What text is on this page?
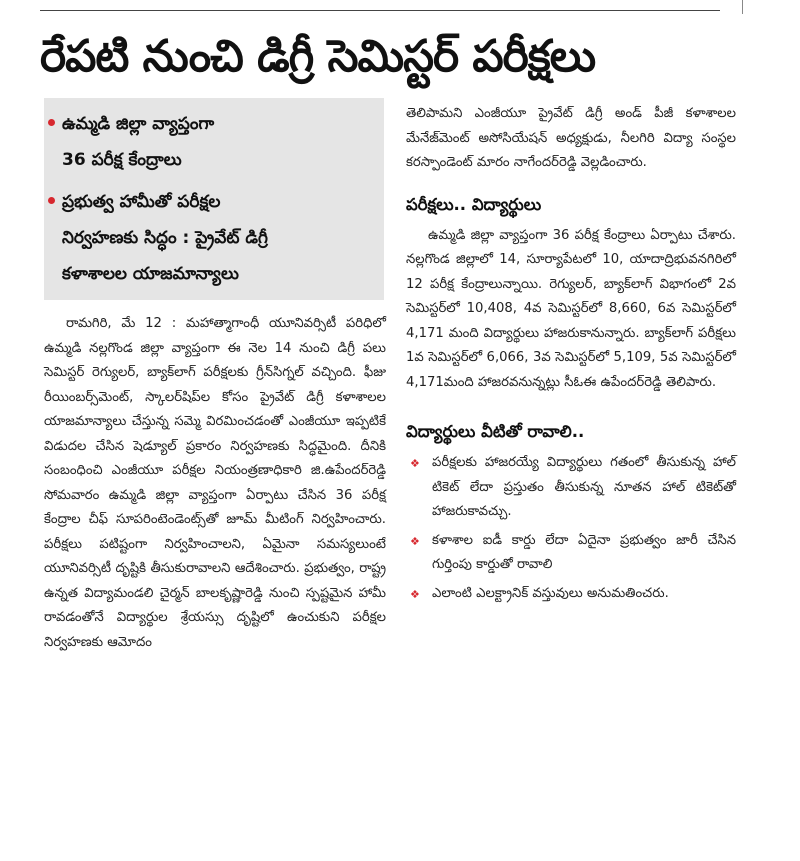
రేపటి నుంచి డిగ్రీ సెమిస్టర్ పరీక్షలు
ఉమ్మడి జిల్లా వ్యాప్తంగా
36 పరీక్ష కేంద్రాలు
ప్రభుత్వ హామీతో పరీక్షల
నిర్వహణకు సిద్ధం : ప్రైవేట్ డిగ్రీ
కళాశాలల యాజమాన్యాలు
రామగిరి, మే 12 : మహాత్మాగాంధీ యూనివర్సిటీ పరిధిలో ఉమ్మడి నల్లగొండ జిల్లా వ్యాప్తంగా ఈ నెల 14 నుంచి డిగ్రీ పలు సెమిస్టర్ రెగ్యులర్, బ్యాక్‌లాగ్ పరీక్షలకు గ్రీన్‌సిగ్నల్ వచ్చింది. ఫీజు రీయింబర్స్‌మెంట్, స్కాలర్‌షిప్‌ల కోసం ప్రైవేట్ డిగ్రీ కళాశాలల యాజమాన్యాలు చేస్తున్న సమ్మె విరమించడంతో ఎంజీయూ ఇప్పటికే విడుదల చేసిన షెడ్యూల్ ప్రకారం నిర్వహణకు సిద్ధమైంది. దీనికి సంబంధించి ఎంజీయూ పరీక్షల నియంత్రణాధికారి జి.ఉపేందర్‌రెడ్డి సోమవారం ఉమ్మడి జిల్లా వ్యాప్తంగా ఏర్పాటు చేసిన 36 పరీక్ష కేంద్రాల చీఫ్ సూపరింటెండెంట్స్‌తో జూమ్ మీటింగ్ నిర్వహించారు. పరీక్షలు పటిష్టంగా నిర్వహించాలని, ఏమైనా సమస్యలుంటే యూనివర్సిటీ దృష్టికి తీసుకురావాలని ఆదేశించారు. ప్రభుత్వం, రాష్ట్ర ఉన్నత విద్యామండలి చైర్మన్ బాలకృష్ణారెడ్డి నుంచి స్పష్టమైన హామీ రావడంతోనే విద్యార్థుల శ్రేయస్సు దృష్టిలో ఉంచుకుని పరీక్షల నిర్వహణకు ఆమోదం
తెలిపామని ఎంజీయూ ప్రైవేట్ డిగ్రీ అండ్ పీజీ కళాశాలల మేనేజ్‌మెంట్ అసోసియేషన్ అధ్యక్షుడు, నీలగిరి విద్యా సంస్థల కరస్పాండెంట్ మారం నాగేందర్‌రెడ్డి వెల్లడించారు.
పరీక్షలు.. విద్యార్థులు
ఉమ్మడి జిల్లా వ్యాప్తంగా 36 పరీక్ష కేంద్రాలు ఏర్పాటు చేశారు. నల్లగొండ జిల్లాలో 14, సూర్యాపేటలో 10, యాదాద్రిభువనగిరిలో 12 పరీక్ష కేంద్రాలున్నాయి. రెగ్యులర్, బ్యాక్‌లాగ్ విభాగంలో 2వ సెమిస్టర్‌లో 10,408, 4వ సెమిస్టర్‌లో 8,660, 6వ సెమిస్టర్‌లో 4,171 మంది విద్యార్థులు హాజరుకానున్నారు. బ్యాక్‌లాగ్ పరీక్షలు 1వ సెమిస్టర్‌లో 6,066, 3వ సెమిస్టర్‌లో 5,109, 5వ సెమిస్టర్‌లో 4,171మంది హాజరవనున్నట్లు సీఓఈ ఉపేందర్‌రెడ్డి తెలిపారు.
విద్యార్థులు వీటితో రావాలి..
❖ పరీక్షలకు హాజరయ్యే విద్యార్థులు గతంలో తీసుకున్న హాల్ టికెట్ లేదా ప్రస్తుతం తీసుకున్న నూతన హాల్ టికెట్‌తో హాజరుకావచ్చు.
❖ కళాశాల ఐడీ కార్డు లేదా ఏదైనా ప్రభుత్వం జారీ చేసిన గుర్తింపు కార్డుతో రావాలి
❖ ఎలాంటి ఎలక్ట్రానిక్ వస్తువులు అనుమతించరు.
